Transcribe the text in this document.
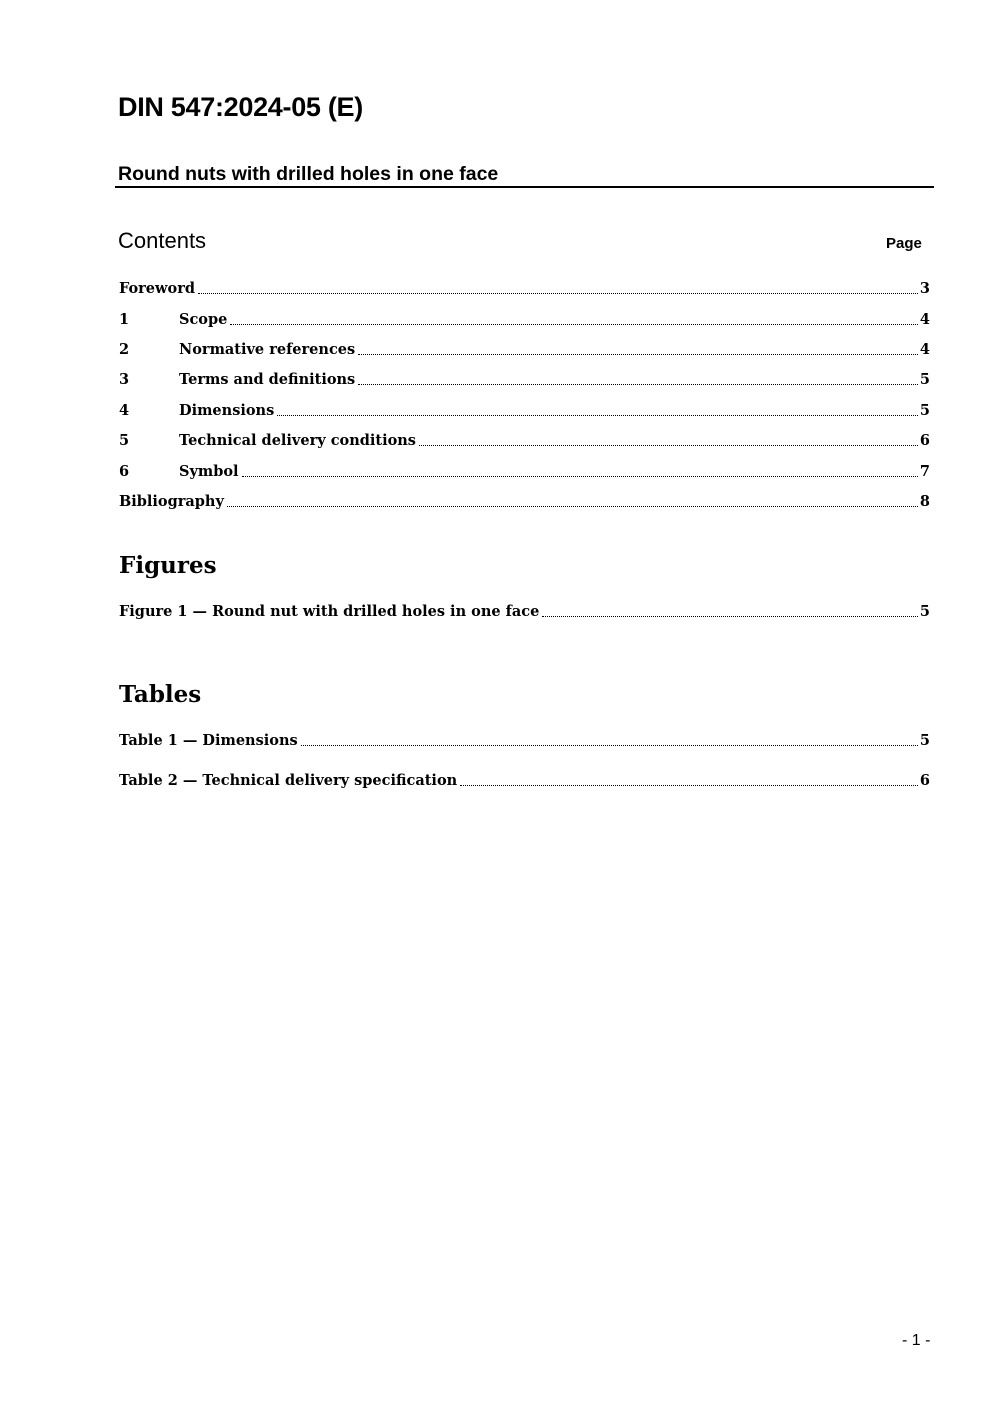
DIN 547:2024-05 (E)
Round nuts with drilled holes in one face
Contents	Page
Foreword	3
1	Scope	4
2	Normative references	4
3	Terms and definitions	5
4	Dimensions	5
5	Technical delivery conditions	6
6	Symbol	7
Bibliography	8
Figures
Figure 1 — Round nut with drilled holes in one face	5
Tables
Table 1 — Dimensions	5
Table 2 — Technical delivery specification	6
- 1 -
